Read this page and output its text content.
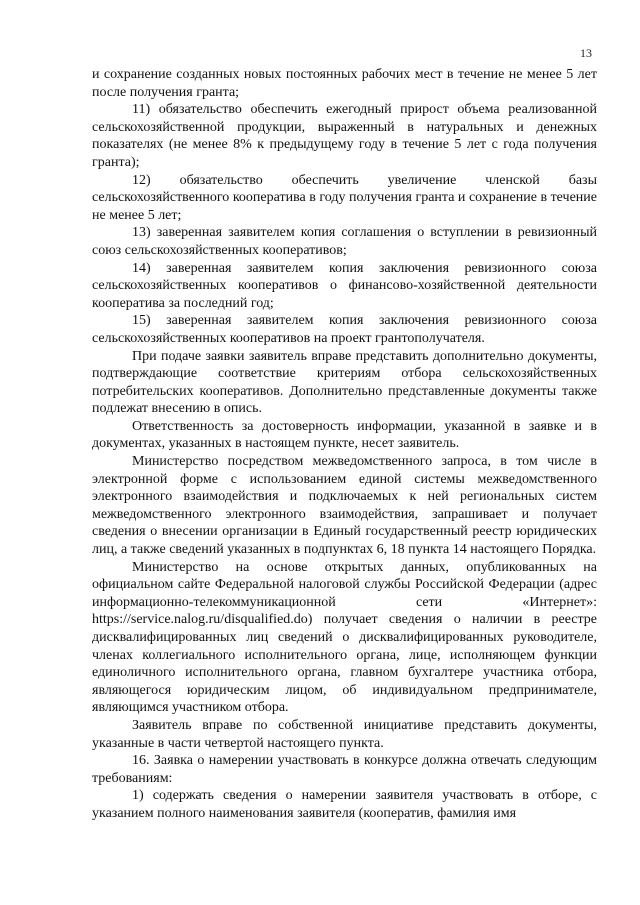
13

и сохранение созданных новых постоянных рабочих мест в течение не менее 5 лет после получения гранта;

11) обязательство обеспечить ежегодный прирост объема реализованной сельскохозяйственной продукции, выраженный в натуральных и денежных показателях (не менее 8% к предыдущему году в течение 5 лет с года получения гранта);

12) обязательство обеспечить увеличение членской базы сельскохозяйственного кооператива в году получения гранта и сохранение в течение не менее 5 лет;

13) заверенная заявителем копия соглашения о вступлении в ревизионный союз сельскохозяйственных кооперативов;

14) заверенная заявителем копия заключения ревизионного союза сельскохозяйственных кооперативов о финансово-хозяйственной деятельности кооператива за последний год;

15) заверенная заявителем копия заключения ревизионного союза сельскохозяйственных кооперативов на проект грантополучателя.

При подаче заявки заявитель вправе представить дополнительно документы, подтверждающие соответствие критериям отбора сельскохозяйственных потребительских кооперативов. Дополнительно представленные документы также подлежат внесению в опись.

Ответственность за достоверность информации, указанной в заявке и в документах, указанных в настоящем пункте, несет заявитель.

Министерство посредством межведомственного запроса, в том числе в электронной форме с использованием единой системы межведомственного электронного взаимодействия и подключаемых к ней региональных систем межведомственного электронного взаимодействия, запрашивает и получает сведения о внесении организации в Единый государственный реестр юридических лиц, а также сведений указанных в подпунктах 6, 18 пункта 14 настоящего Порядка.

Министерство на основе открытых данных, опубликованных на официальном сайте Федеральной налоговой службы Российской Федерации (адрес информационно-телекоммуникационной сети «Интернет»: https://service.nalog.ru/disqualified.do) получает сведения о наличии в реестре дисквалифицированных лиц сведений о дисквалифицированных руководителе, членах коллегиального исполнительного органа, лице, исполняющем функции единоличного исполнительного органа, главном бухгалтере участника отбора, являющегося юридическим лицом, об индивидуальном предпринимателе, являющимся участником отбора.

Заявитель вправе по собственной инициативе представить документы, указанные в части четвертой настоящего пункта.

16. Заявка о намерении участвовать в конкурсе должна отвечать следующим требованиям:

1) содержать сведения о намерении заявителя участвовать в отборе, с указанием полного наименования заявителя (кооператив, фамилия имя
